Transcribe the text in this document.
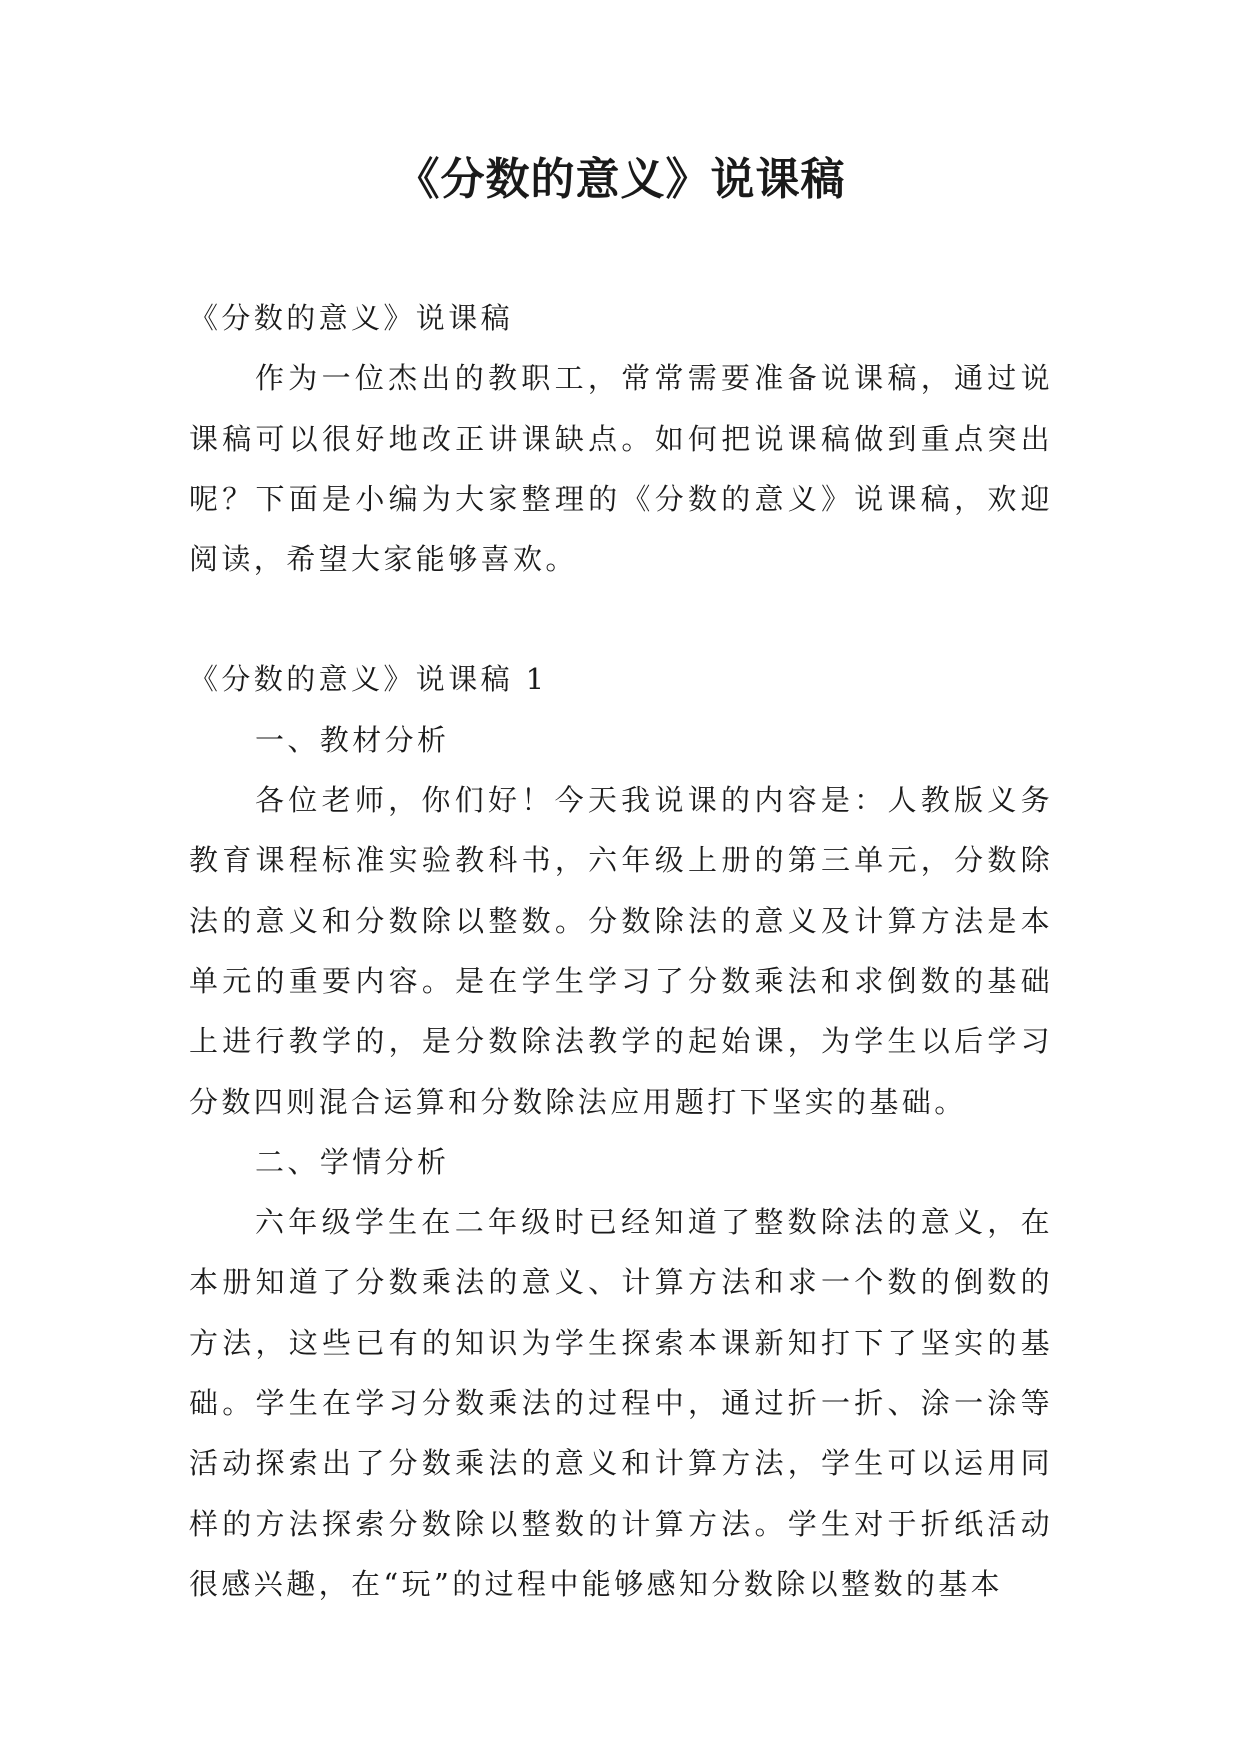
《分数的意义》说课稿

《分数的意义》说课稿

作为一位杰出的教职工，常常需要准备说课稿，通过说课稿可以很好地改正讲课缺点。如何把说课稿做到重点突出呢？下面是小编为大家整理的《分数的意义》说课稿，欢迎阅读，希望大家能够喜欢。

《分数的意义》说课稿 1

一、教材分析

各位老师，你们好！今天我说课的内容是：人教版义务教育课程标准实验教科书，六年级上册的第三单元，分数除法的意义和分数除以整数。分数除法的意义及计算方法是本单元的重要内容。是在学生学习了分数乘法和求倒数的基础上进行教学的，是分数除法教学的起始课，为学生以后学习分数四则混合运算和分数除法应用题打下坚实的基础。

二、学情分析

六年级学生在二年级时已经知道了整数除法的意义，在本册知道了分数乘法的意义、计算方法和求一个数的倒数的方法，这些已有的知识为学生探索本课新知打下了坚实的基础。学生在学习分数乘法的过程中，通过折一折、涂一涂等活动探索出了分数乘法的意义和计算方法，学生可以运用同样的方法探索分数除以整数的计算方法。学生对于折纸活动很感兴趣，在“玩”的过程中能够感知分数除以整数的基本
